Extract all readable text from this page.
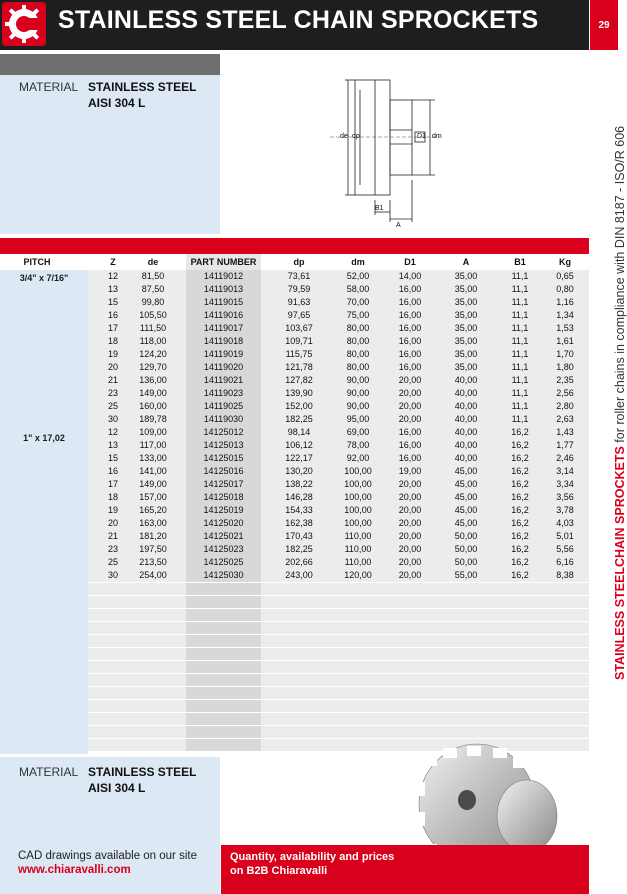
STAINLESS STEEL CHAIN SPROCKETS	29
STAINLESS STEELCHAIN SPROCKETS for roller chains in compliance with DIN 8187 - ISO/R 606
MATERIAL STAINLESS STEEL
AISI 304 L
de dp	D1 dm
B1
A
PITCH	Z	de	PART NUMBER	dp	dm	D1	A	B1	Kg
3/4" x 7/16"
1" x 17,02
12	81,50	14119012	73,61	52,00	14,00	35,00	11,1	0,65
13	87,50	14119013	79,59	58,00	16,00	35,00	11,1	0,80
15	99,80	14119015	91,63	70,00	16,00	35,00	11,1	1,16
16	105,50	14119016	97,65	75,00	16,00	35,00	11,1	1,34
17	111,50	14119017	103,67	80,00	16,00	35,00	11,1	1,53
18	118,00	14119018	109,71	80,00	16,00	35,00	11,1	1,61
19	124,20	14119019	115,75	80,00	16,00	35,00	11,1	1,70
20	129,70	14119020	121,78	80,00	16,00	35,00	11,1	1,80
21	136,00	14119021	127,82	90,00	20,00	40,00	11,1	2,35
23	149,00	14119023	139,90	90,00	20,00	40,00	11,1	2,56
25	160,00	14119025	152,00	90,00	20,00	40,00	11,1	2,80
30	189,78	14119030	182,25	95,00	20,00	40,00	11,1	2,63
12	109,00	14125012	98,14	69,00	16,00	40,00	16,2	1,43
13	117,00	14125013	106,12	78,00	16,00	40,00	16,2	1,77
15	133,00	14125015	122,17	92,00	16,00	40,00	16,2	2,46
16	141,00	14125016	130,20	100,00	19,00	45,00	16,2	3,14
17	149,00	14125017	138,22	100,00	20,00	45,00	16,2	3,34
18	157,00	14125018	146,28	100,00	20,00	45,00	16,2	3,56
19	165,20	14125019	154,33	100,00	20,00	45,00	16,2	3,78
20	163,00	14125020	162,38	100,00	20,00	45,00	16,2	4,03
21	181,20	14125021	170,43	110,00	20,00	50,00	16,2	5,01
23	197,50	14125023	182,25	110,00	20,00	50,00	16,2	5,56
25	213,50	14125025	202,66	110,00	20,00	50,00	16,2	6,16
30	254,00	14125030	243,00	120,00	20,00	55,00	16,2	8,38
MATERIAL STAINLESS STEEL
AISI 304 L
CAD drawings available on our site
www.chiaravalli.com
Quantity, availability and prices
on B2B Chiaravalli
